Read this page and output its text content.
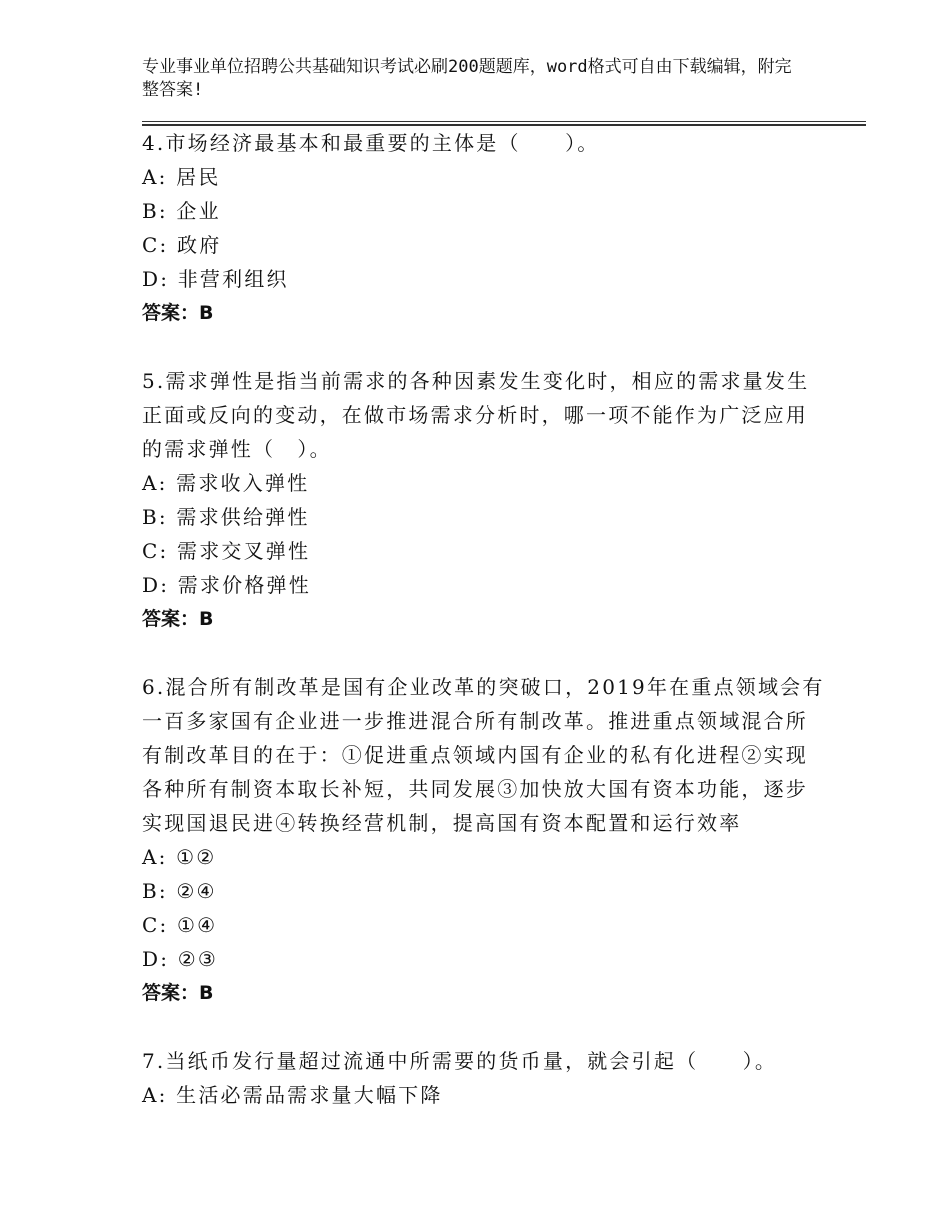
专业事业单位招聘公共基础知识考试必刷200题题库，word格式可自由下载编辑，附完整答案!
4.市场经济最基本和最重要的主体是（　　）。
A: 居民
B: 企业
C: 政府
D: 非营利组织
答案：B
5.需求弹性是指当前需求的各种因素发生变化时，相应的需求量发生
正面或反向的变动，在做市场需求分析时，哪一项不能作为广泛应用
的需求弹性（　）。
A: 需求收入弹性
B: 需求供给弹性
C: 需求交叉弹性
D: 需求价格弹性
答案：B
6.混合所有制改革是国有企业改革的突破口，2019年在重点领域会有
一百多家国有企业进一步推进混合所有制改革。推进重点领域混合所
有制改革目的在于：①促进重点领域内国有企业的私有化进程②实现
各种所有制资本取长补短，共同发展③加快放大国有资本功能，逐步
实现国退民进④转换经营机制，提高国有资本配置和运行效率
A: ①②
B: ②④
C: ①④
D: ②③
答案：B
7.当纸币发行量超过流通中所需要的货币量，就会引起（　　）。
A: 生活必需品需求量大幅下降
